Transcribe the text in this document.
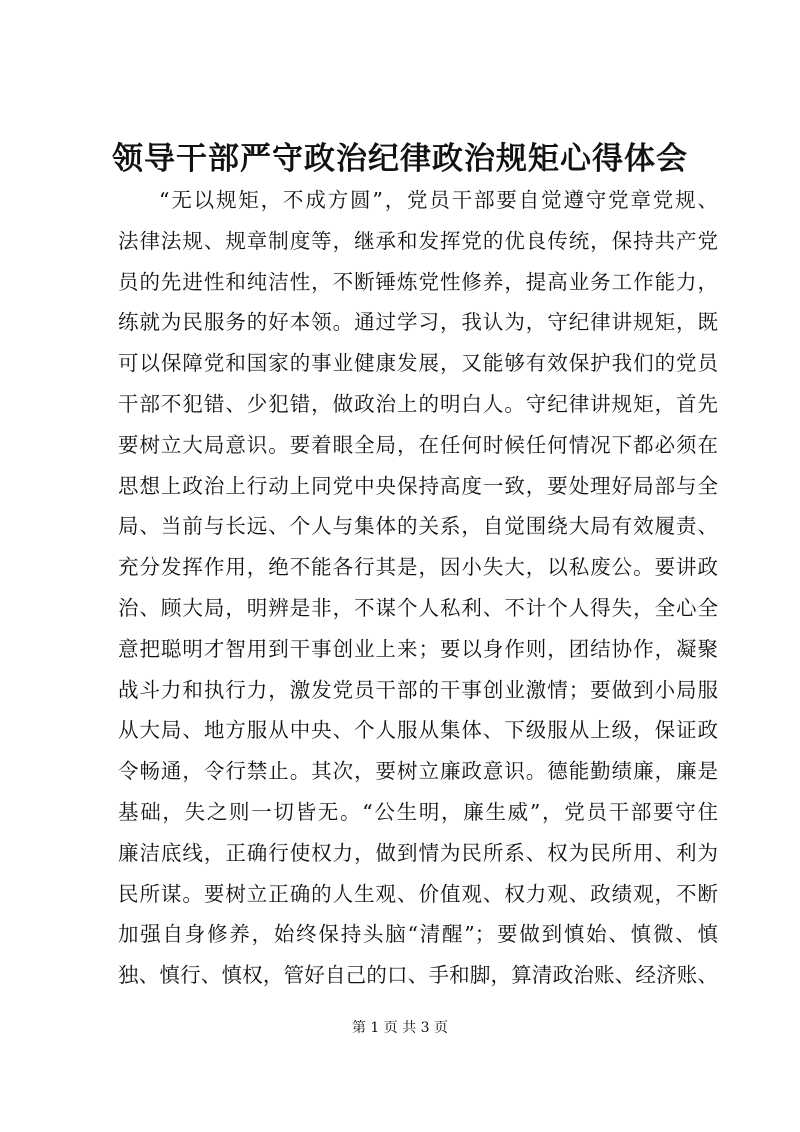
领导干部严守政治纪律政治规矩心得体会
“无以规矩，不成方圆”，党员干部要自觉遵守党章党规、
法律法规、规章制度等，继承和发挥党的优良传统，保持共产党
员的先进性和纯洁性，不断锤炼党性修养，提高业务工作能力，
练就为民服务的好本领。通过学习，我认为，守纪律讲规矩，既
可以保障党和国家的事业健康发展，又能够有效保护我们的党员
干部不犯错、少犯错，做政治上的明白人。守纪律讲规矩，首先
要树立大局意识。要着眼全局，在任何时候任何情况下都必须在
思想上政治上行动上同党中央保持高度一致，要处理好局部与全
局、当前与长远、个人与集体的关系，自觉围绕大局有效履责、
充分发挥作用，绝不能各行其是，因小失大，以私废公。要讲政
治、顾大局，明辨是非，不谋个人私利、不计个人得失，全心全
意把聪明才智用到干事创业上来；要以身作则，团结协作，凝聚
战斗力和执行力，激发党员干部的干事创业激情；要做到小局服
从大局、地方服从中央、个人服从集体、下级服从上级，保证政
令畅通，令行禁止。其次，要树立廉政意识。德能勤绩廉，廉是
基础，失之则一切皆无。“公生明，廉生威”，党员干部要守住
廉洁底线，正确行使权力，做到情为民所系、权为民所用、利为
民所谋。要树立正确的人生观、价值观、权力观、政绩观，不断
加强自身修养，始终保持头脑“清醒”；要做到慎始、慎微、慎
独、慎行、慎权，管好自己的口、手和脚，算清政治账、经济账、
第 1 页 共 3 页
